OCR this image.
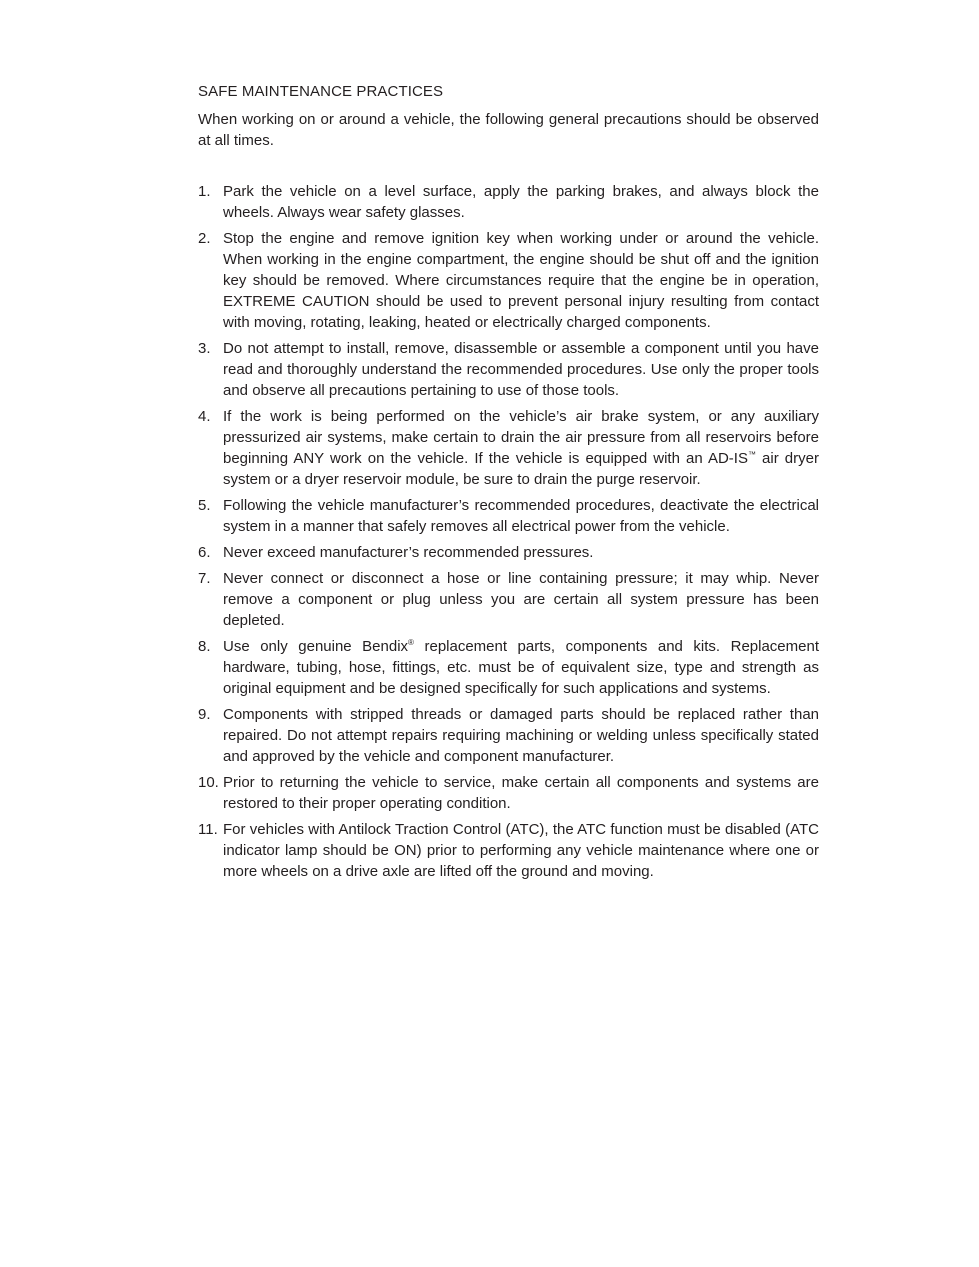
SAFE MAINTENANCE PRACTICES
When working on or around a vehicle, the following general precautions should be observed at all times.
1. Park the vehicle on a level surface, apply the parking brakes, and always block the wheels. Always wear safety glasses.
2. Stop the engine and remove ignition key when working under or around the vehicle. When working in the engine compartment, the engine should be shut off and the ignition key should be removed. Where circumstances require that the engine be in operation, EXTREME CAUTION should be used to prevent personal injury resulting from contact with moving, rotating, leaking, heated or electrically charged components.
3. Do not attempt to install, remove, disassemble or assemble a component until you have read and thoroughly understand the recommended procedures. Use only the proper tools and observe all precautions pertaining to use of those tools.
4. If the work is being performed on the vehicle’s air brake system, or any auxiliary pressurized air systems, make certain to drain the air pressure from all reservoirs before beginning ANY work on the vehicle. If the vehicle is equipped with an AD-IS™ air dryer system or a dryer reservoir module, be sure to drain the purge reservoir.
5. Following the vehicle manufacturer’s recommended procedures, deactivate the electrical system in a manner that safely removes all electrical power from the vehicle.
6. Never exceed manufacturer’s recommended pressures.
7. Never connect or disconnect a hose or line containing pressure; it may whip. Never remove a component or plug unless you are certain all system pressure has been depleted.
8. Use only genuine Bendix® replacement parts, components and kits. Replacement hardware, tubing, hose, fittings, etc. must be of equivalent size, type and strength as original equipment and be designed specifically for such applications and systems.
9. Components with stripped threads or damaged parts should be replaced rather than repaired. Do not attempt repairs requiring machining or welding unless specifically stated and approved by the vehicle and component manufacturer.
10. Prior to returning the vehicle to service, make certain all components and systems are restored to their proper operating condition.
11. For vehicles with Antilock Traction Control (ATC), the ATC function must be disabled (ATC indicator lamp should be ON) prior to performing any vehicle maintenance where one or more wheels on a drive axle are lifted off the ground and moving.
